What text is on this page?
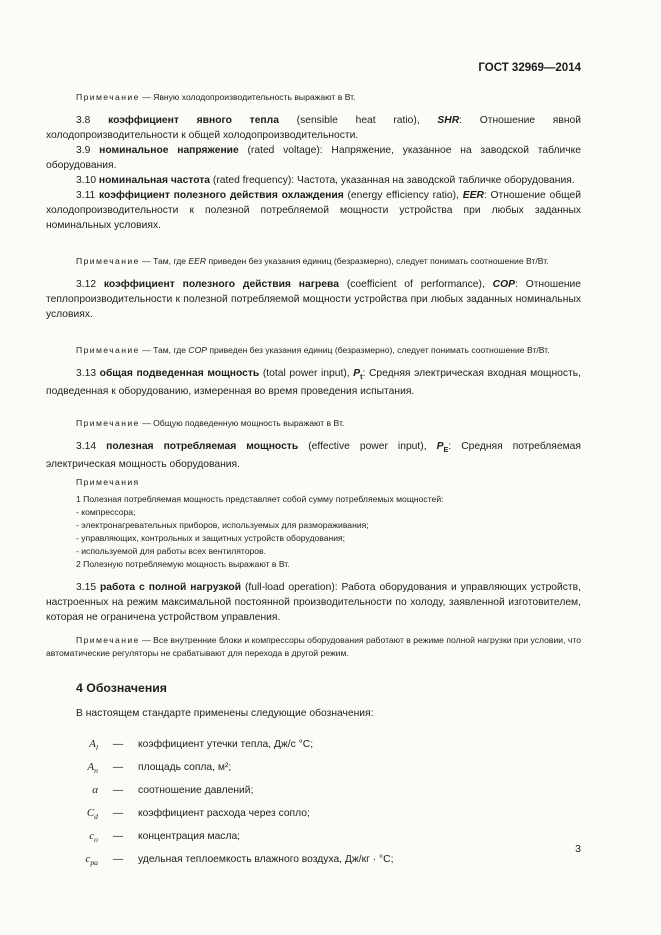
ГОСТ 32969—2014

Примечание — Явную холодопроизводительность выражают в Вт.

3.8 коэффициент явного тепла (sensible heat ratio), SHR: Отношение явной холодопроизводительности к общей холодопроизводительности.

3.9 номинальное напряжение (rated voltage): Напряжение, указанное на заводской табличке оборудования.

3.10 номинальная частота (rated frequency): Частота, указанная на заводской табличке оборудования.

3.11 коэффициент полезного действия охлаждения (energy efficiency ratio), EER: Отношение общей холодопроизводительности к полезной потребляемой мощности устройства при любых заданных номинальных условиях.

Примечание — Там, где EER приведен без указания единиц (безразмерно), следует понимать соотношение Вт/Вт.

3.12 коэффициент полезного действия нагрева (coefficient of performance), COP: Отношение теплопроизводительности к полезной потребляемой мощности устройства при любых заданных номинальных условиях.

Примечание — Там, где COP приведен без указания единиц (безразмерно), следует понимать соотношение Вт/Вт.

3.13 общая подведенная мощность (total power input), $P_t$: Средняя электрическая входная мощность, подведенная к оборудованию, измеренная во время проведения испытания.

Примечание — Общую подведенную мощность выражают в Вт.

3.14 полезная потребляемая мощность (effective power input), $P_E$: Средняя потребляемая электрическая мощность оборудования.

Примечания
1 Полезная потребляемая мощность представляет собой сумму потребляемых мощностей:
- компрессора;
- электронагревательных приборов, используемых для размораживания;
- управляющих, контрольных и защитных устройств оборудования;
- используемой для работы всех вентиляторов.
2 Полезную потребляемую мощность выражают в Вт.

3.15 работа с полной нагрузкой (full-load operation): Работа оборудования и управляющих устройств, настроенных на режим максимальной постоянной производительности по холоду, заявленной изготовителем, которая не ограничена устройством управления.

Примечание — Все внутренние блоки и компрессоры оборудования работают в режиме полной нагрузки при условии, что автоматические регуляторы не срабатывают для перехода в другой режим.

4 Обозначения

В настоящем стандарте применены следующие обозначения:

$A_l$	—	коэффициент утечки тепла, Дж/с °С;
$A_n$	—	площадь сопла, м²;
α	—	соотношение давлений;
$C_d$	—	коэффициент расхода через сопло;
$c_o$	—	концентрация масла;
$c_{pa}$	—	удельная теплоемкость влажного воздуха, Дж/кг · °С;
3
